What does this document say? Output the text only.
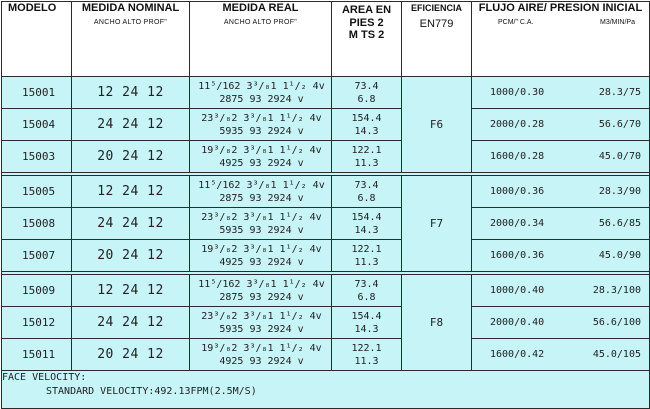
MODELO	MEDIDA NOMINAL
ANCHO ALTO PROF"	MEDIDA REAL
ANCHO ALTO PROF"	AREA EN
PIES 2
M TS 2	EFICIENCIA
EN779	FLUJO AIRE/ PRESION INICIAL
PCM/" C.A. M3/MIN/Pa

15001	12 24 12	11⁵/162 3³/₈1 1¹/₂ 4v
2875 93 2924 v	73.4
6.8	F6	1000/0.30 28.3/75

15004	24 24 12	23³/₈2 3³/₈1 1¹/₂ 4v
5935 93 2924 v	154.4
14.3		2000/0.28 56.6/70

15003	20 24 12	19³/₈2 3³/₈1 1¹/₂ 4v
4925 93 2924 v	122.1
11.3		1600/0.28 45.0/70

15005	12 24 12	11⁵/162 3³/₈1 1¹/₂ 4v
2875 93 2924 v	73.4
6.8	F7	1000/0.36 28.3/90

15008	24 24 12	23³/₈2 3³/₈1 1¹/₂ 4v
5935 93 2924 v	154.4
14.3		2000/0.34 56.6/85

15007	20 24 12	19³/₈2 3³/₈1 1¹/₂ 4v
4925 93 2924 v	122.1
11.3		1600/0.36 45.0/90

15009	12 24 12	11⁵/162 3³/₈1 1¹/₂ 4v
2875 93 2924 v	73.4
6.8	F8	1000/0.40 28.3/100

15012	24 24 12	23³/₈2 3³/₈1 1¹/₂ 4v
5935 93 2924 v	154.4
14.3		2000/0.40 56.6/100

15011	20 24 12	19³/₈2 3³/₈1 1¹/₂ 4v
4925 93 2924 v	122.1
11.3		1600/0.42 45.0/105

FACE VELOCITY:

STANDARD VELOCITY:492.13FPM(2.5M/S)					
